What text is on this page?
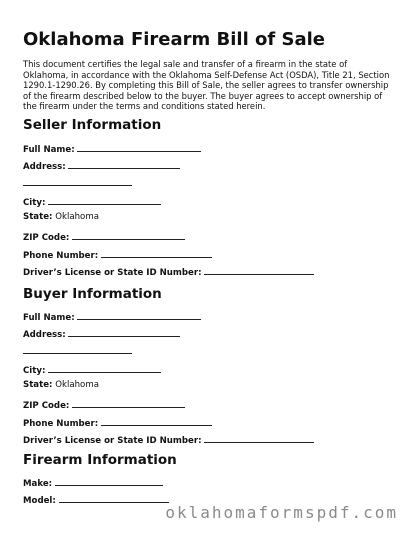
Oklahoma Firearm Bill of Sale
This document certifies the legal sale and transfer of a firearm in the state of Oklahoma, in accordance with the Oklahoma Self-Defense Act (OSDA), Title 21, Section 1290.1-1290.26. By completing this Bill of Sale, the seller agrees to transfer ownership of the firearm described below to the buyer. The buyer agrees to accept ownership of the firearm under the terms and conditions stated herein.
Seller Information
Full Name:
Address:
City:
State: Oklahoma
ZIP Code:
Phone Number:
Driver’s License or State ID Number:
Buyer Information
Full Name:
Address:
City:
State: Oklahoma
ZIP Code:
Phone Number:
Driver’s License or State ID Number:
Firearm Information
Make:
Model:
oklahomaformspdf.com
